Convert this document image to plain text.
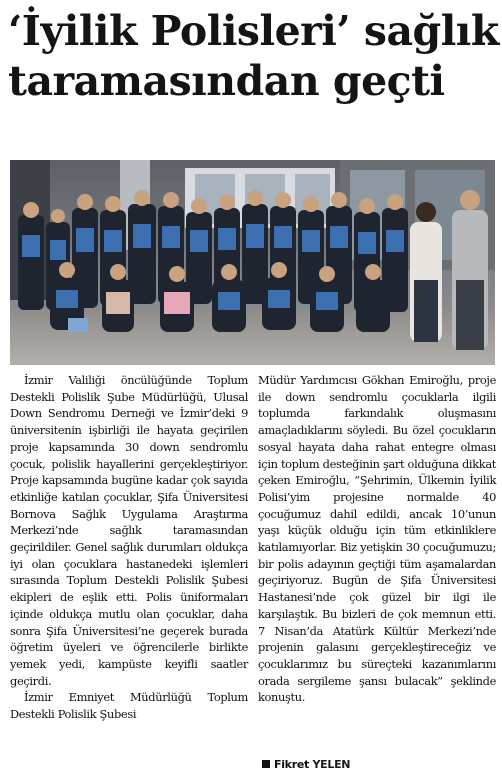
‘İyilik Polisleri’ sağlık
taramasından geçti

İzmir Valiliği öncülüğünde Toplum Destekli Polislik Şube Müdürlüğü, Ulusal Down Sendromu Derneği ve İzmir’deki 9 üniversitenin işbirliği ile hayata geçirilen proje kapsamında 30 down sendromlu çocuk, polislik hayallerini gerçekleştiriyor. Proje kapsamında bugüne kadar çok sayıda etkinliğe katılan çocuklar, Şifa Üniversitesi Bornova Sağlık Uygulama Araştırma Merkezi’nde sağlık taramasından geçirildiler. Genel sağlık durumları oldukça iyi olan çocuklara hastanedeki işlemleri sırasında Toplum Destekli Polislik Şubesi ekipleri de eşlik etti. Polis üniformaları içinde oldukça mutlu olan çocuklar, daha sonra Şifa Üniversitesi’ne geçerek burada öğretim üyeleri ve öğrencilerle birlikte yemek yedi, kampüste keyifli saatler geçirdi.

İzmir Emniyet Müdürlüğü Toplum Destekli Polislik Şubesi

Müdür Yardımcısı Gökhan Emiroğlu, proje ile down sendromlu çocuklarla ilgili toplumda farkındalık oluşmasını amaçladıklarını söyledi. Bu özel çocukların sosyal hayata daha rahat entegre olması için toplum desteğinin şart olduğuna dikkat çeken Emiroğlu, “Şehrimin, Ülkemin İyilik Polisi’yim projesine normalde 40 çocuğumuz dahil edildi, ancak 10’unun yaşı küçük olduğu için tüm etkinliklere katılamıyorlar. Biz yetişkin 30 çocuğumuzu; bir polis adayının geçtiği tüm aşamalardan geçiriyoruz. Bugün de Şifa Üniversitesi Hastanesi’nde çok güzel bir ilgi ile karşılaştık. Bu bizleri de çok memnun etti. 7 Nisan’da Atatürk Kültür Merkezi’nde projenin galasını gerçekleştireceğiz ve çocuklarımız bu süreçteki kazanımlarını orada sergileme şansı bulacak” şeklinde konuştu.

Fikret YELEN
